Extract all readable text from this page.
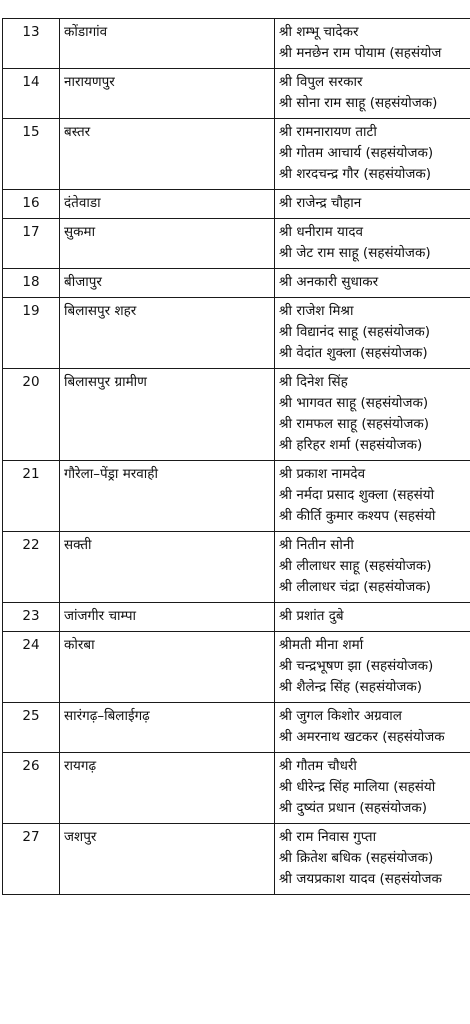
13	कोंडागांव	श्री शम्भू चादेकर
श्री मनछेन राम पोयाम (सहसंयोज

14	नारायणपुर	श्री विपुल सरकार
श्री सोना राम साहू (सहसंयोजक)

15	बस्तर	श्री रामनारायण ताटी
श्री गोतम आचार्य (सहसंयोजक)
श्री शरदचन्द्र गौर (सहसंयोजक)

16	दंतेवाडा	श्री राजेन्द्र चौहान

17	सुकमा	श्री धनीराम यादव
श्री जेट राम साहू (सहसंयोजक)

18	बीजापुर	श्री अनकारी सुधाकर

19	बिलासपुर शहर	श्री राजेश मिश्रा
श्री विद्यानंद साहू (सहसंयोजक)
श्री वेदांत शुक्ला (सहसंयोजक)

20	बिलासपुर ग्रामीण	श्री दिनेश सिंह
श्री भागवत साहू (सहसंयोजक)
श्री रामफल साहू (सहसंयोजक)
श्री हरिहर शर्मा (सहसंयोजक)

21	गौरेला–पेंड्रा मरवाही	श्री प्रकाश नामदेव
श्री नर्मदा प्रसाद शुक्ला (सहसंयो
श्री कीर्ति कुमार कश्यप (सहसंयो

22	सक्ती	श्री नितीन सोनी
श्री लीलाधर साहू (सहसंयोजक)
श्री लीलाधर चंद्रा (सहसंयोजक)

23	जांजगीर चाम्पा	श्री प्रशांत दुबे

24	कोरबा	श्रीमती मीना शर्मा
श्री चन्द्रभूषण झा (सहसंयोजक)
श्री शैलेन्द्र सिंह (सहसंयोजक)

25	सारंगढ़–बिलाईगढ़	श्री जुगल किशोर अग्रवाल
श्री अमरनाथ खटकर (सहसंयोजक

26	रायगढ़	श्री गौतम चौधरी
श्री धीरेन्द्र सिंह मालिया (सहसंयो
श्री दुष्यंत प्रधान (सहसंयोजक)

27	जशपुर	श्री राम निवास गुप्ता
श्री क्रितेश बधिक (सहसंयोजक)
श्री जयप्रकाश यादव (सहसंयोजक
